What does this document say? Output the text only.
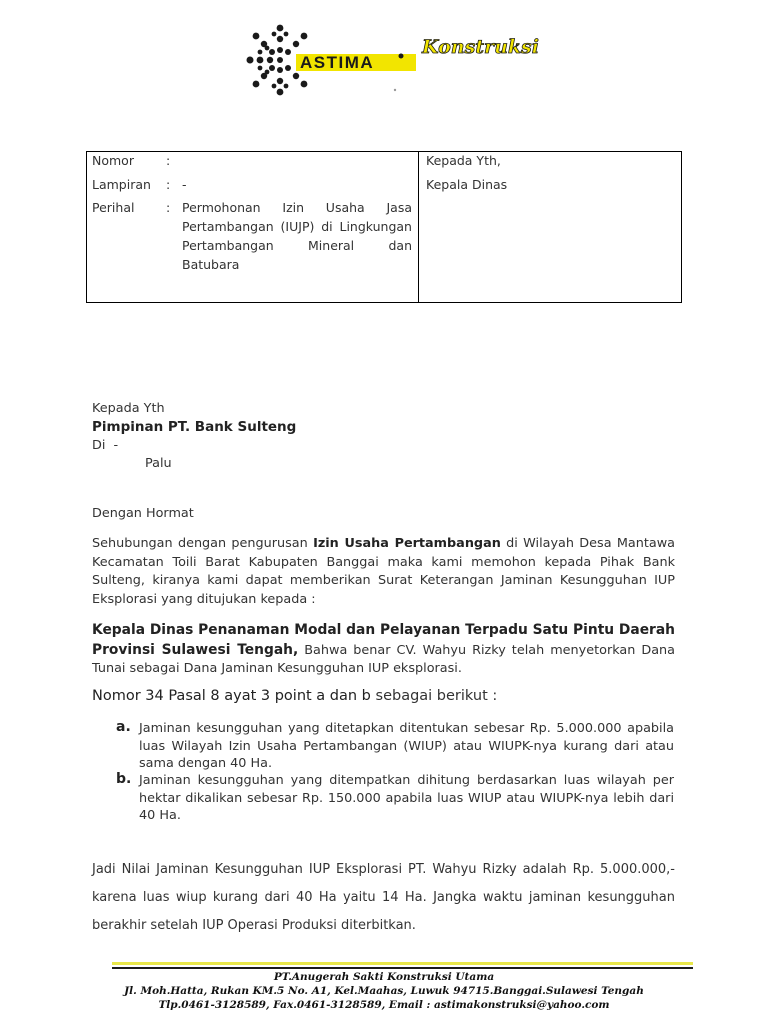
ASTIMA
Konstruksi
Nomor	:
Lampiran : -
Perihal	: Permohonan Izin Usaha Jasa Pertambangan (IUJP) di Lingkungan Pertambangan Mineral dan Batubara
Kepada Yth,
Kepala Dinas
Kepada Yth
Pimpinan PT. Bank Sulteng
Di  -
Palu
Dengan Hormat
Sehubungan dengan pengurusan Izin Usaha Pertambangan di Wilayah Desa Mantawa Kecamatan Toili Barat Kabupaten Banggai maka kami memohon kepada Pihak Bank Sulteng, kiranya kami dapat memberikan Surat Keterangan Jaminan Kesungguhan IUP Eksplorasi yang ditujukan kepada :
Kepala Dinas Penanaman Modal dan Pelayanan Terpadu Satu Pintu Daerah Provinsi Sulawesi Tengah, Bahwa benar CV. Wahyu Rizky telah menyetorkan Dana Tunai sebagai Dana Jaminan Kesungguhan IUP eksplorasi.
Nomor 34 Pasal 8 ayat 3 point a dan b sebagai berikut :
a. Jaminan kesungguhan yang ditetapkan ditentukan sebesar Rp. 5.000.000 apabila luas Wilayah Izin Usaha Pertambangan (WIUP) atau WIUPK-nya kurang dari atau sama dengan 40 Ha.
b. Jaminan kesungguhan yang ditempatkan dihitung berdasarkan luas wilayah per hektar dikalikan sebesar Rp. 150.000 apabila luas WIUP atau WIUPK-nya lebih dari 40 Ha.
Jadi Nilai Jaminan Kesungguhan IUP Eksplorasi PT. Wahyu Rizky adalah Rp. 5.000.000,- karena luas wiup kurang dari 40 Ha yaitu 14 Ha. Jangka waktu jaminan kesungguhan berakhir setelah IUP Operasi Produksi diterbitkan.
PT.Anugerah Sakti Konstruksi Utama
Jl. Moh.Hatta, Rukan KM.5 No. A1, Kel.Maahas, Luwuk 94715.Banggai.Sulawesi Tengah
Tlp.0461-3128589, Fax.0461-3128589, Email : astimakonstruksi@yahoo.com
